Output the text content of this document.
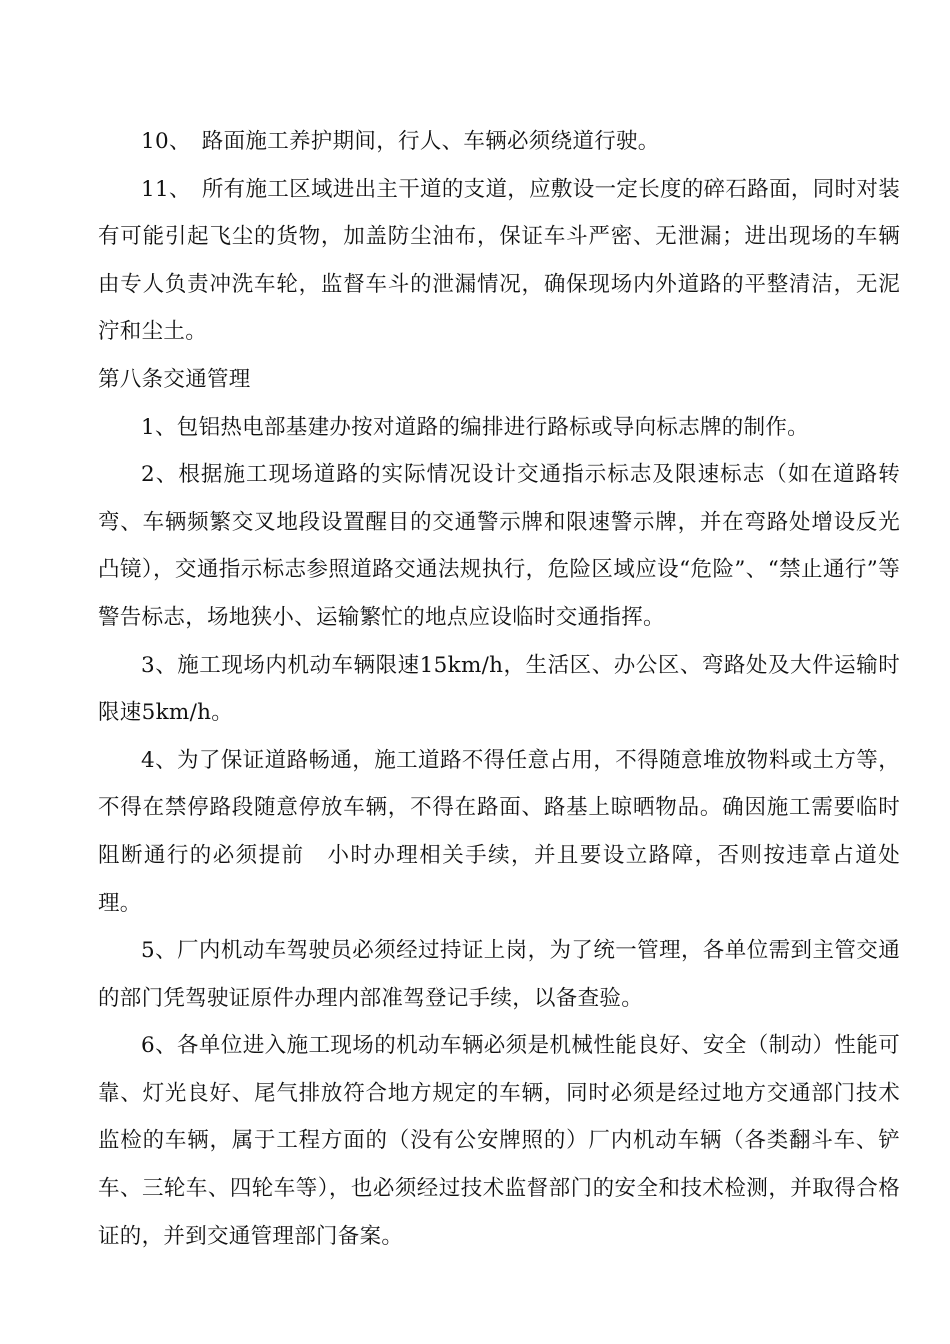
10、　路面施工养护期间，行人、车辆必须绕道行驶。

11、　所有施工区域进出主干道的支道，应敷设一定长度的碎石路面，同时对装有可能引起飞尘的货物，加盖防尘油布，保证车斗严密、无泄漏；进出现场的车辆由专人负责冲洗车轮，监督车斗的泄漏情况，确保现场内外道路的平整清洁，无泥泞和尘土。

第八条交通管理

1、包铝热电部基建办按对道路的编排进行路标或导向标志牌的制作。

2、根据施工现场道路的实际情况设计交通指示标志及限速标志（如在道路转弯、车辆频繁交叉地段设置醒目的交通警示牌和限速警示牌，并在弯路处增设反光凸镜），交通指示标志参照道路交通法规执行，危险区域应设“危险”、“禁止通行”等警告标志，场地狭小、运输繁忙的地点应设临时交通指挥。

3、施工现场内机动车辆限速15km/h，生活区、办公区、弯路处及大件运输时限速5km/h。

4、为了保证道路畅通，施工道路不得任意占用，不得随意堆放物料或土方等，不得在禁停路段随意停放车辆，不得在路面、路基上晾晒物品。确因施工需要临时阻断通行的必须提前　小时办理相关手续，并且要设立路障，否则按违章占道处理。

5、厂内机动车驾驶员必须经过持证上岗，为了统一管理，各单位需到主管交通的部门凭驾驶证原件办理内部准驾登记手续，以备查验。

6、各单位进入施工现场的机动车辆必须是机械性能良好、安全（制动）性能可靠、灯光良好、尾气排放符合地方规定的车辆，同时必须是经过地方交通部门技术监检的车辆，属于工程方面的（没有公安牌照的）厂内机动车辆（各类翻斗车、铲车、三轮车、四轮车等），也必须经过技术监督部门的安全和技术检测，并取得合格证的，并到交通管理部门备案。
